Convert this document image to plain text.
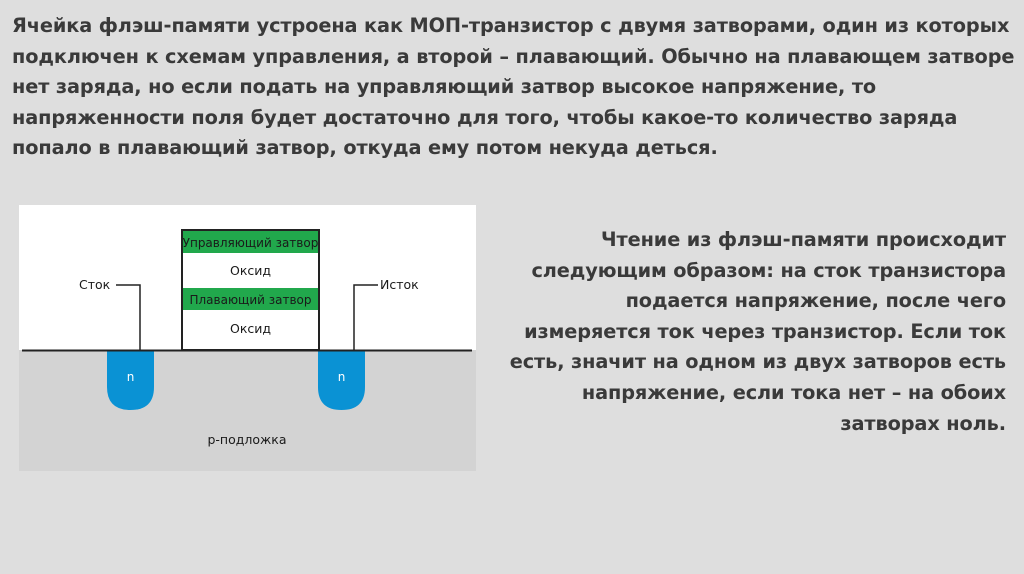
Ячейка флэш-памяти устроена как МОП-транзистор с двумя затворами, один из которых подключен к схемам управления, а второй – плавающий. Обычно на плавающем затворе нет заряда, но если подать на управляющий затвор высокое напряжение, то напряженности поля будет достаточно для того, чтобы какое-то количество заряда попало в плавающий затвор, откуда ему потом некуда деться.

Управляющий затвор
Оксид
Плавающий затвор
Оксид
Сток	Исток
n	n
p-подложка

Чтение из флэш-памяти происходит следующим образом: на сток транзистора подается напряжение, после чего измеряется ток через транзистор. Если ток есть, значит на одном из двух затворов есть напряжение, если тока нет – на обоих затворах ноль.
